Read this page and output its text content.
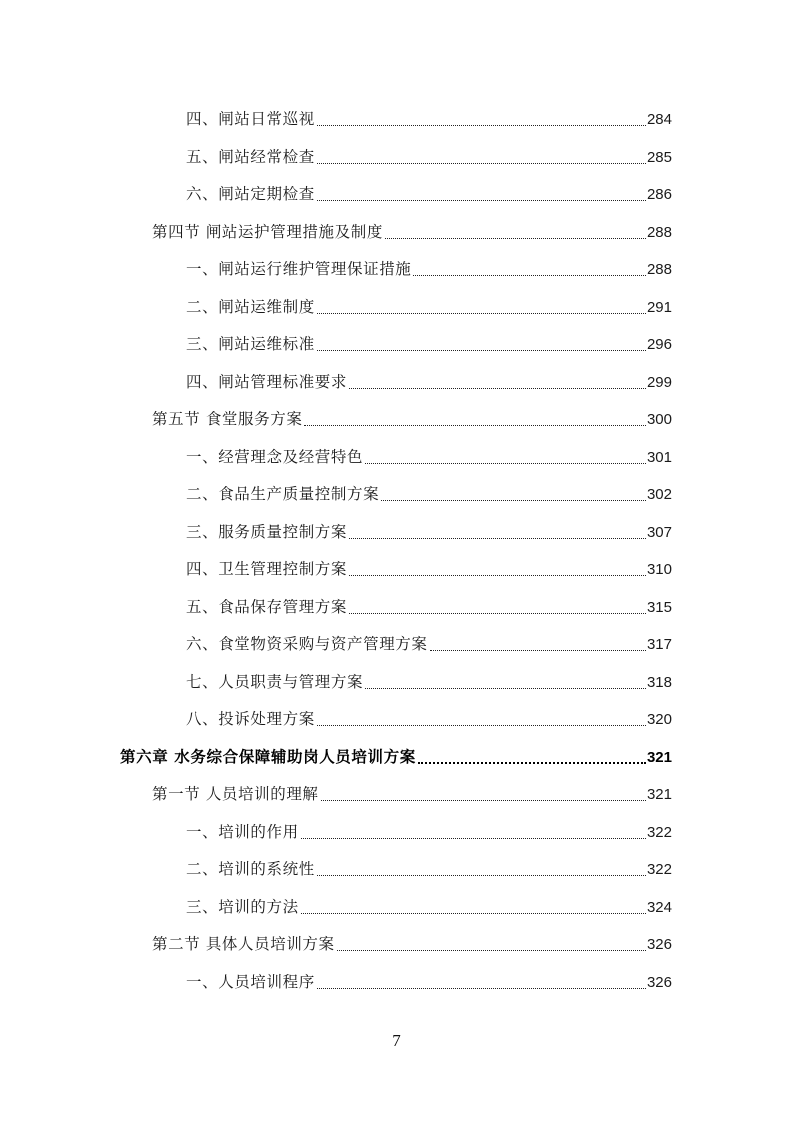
四、闸站日常巡视	284
五、闸站经常检查	285
六、闸站定期检查	286
第四节 闸站运护管理措施及制度	288
一、闸站运行维护管理保证措施	288
二、闸站运维制度	291
三、闸站运维标准	296
四、闸站管理标准要求	299
第五节 食堂服务方案	300
一、经营理念及经营特色	301
二、食品生产质量控制方案	302
三、服务质量控制方案	307
四、卫生管理控制方案	310
五、食品保存管理方案	315
六、食堂物资采购与资产管理方案	317
七、人员职责与管理方案	318
八、投诉处理方案	320
第六章 水务综合保障辅助岗人员培训方案	321
第一节 人员培训的理解	321
一、培训的作用	322
二、培训的系统性	322
三、培训的方法	324
第二节 具体人员培训方案	326
一、人员培训程序	326
7
